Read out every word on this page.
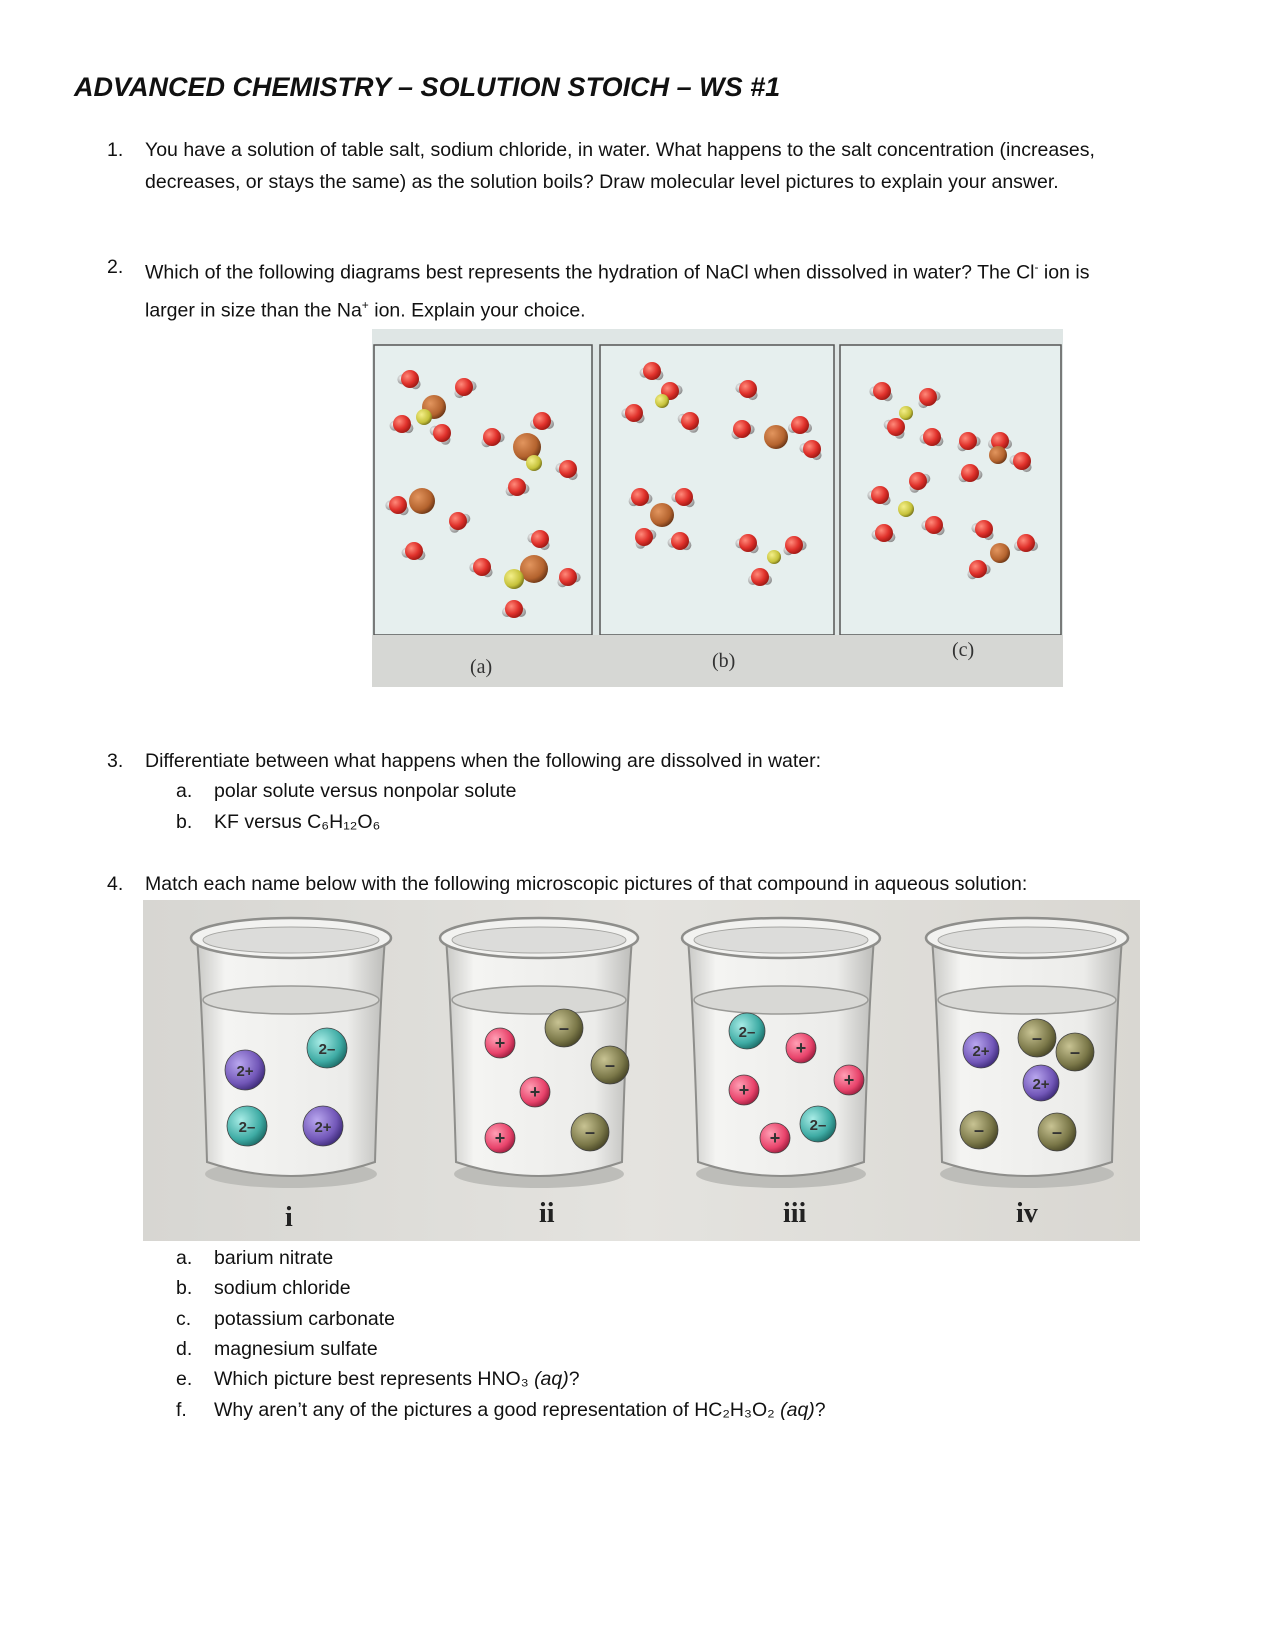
ADVANCED CHEMISTRY – SOLUTION STOICH – WS #1
1. You have a solution of table salt, sodium chloride, in water. What happens to the salt concentration (increases,
decreases, or stays the same) as the solution boils? Draw molecular level pictures to explain your answer.
2. Which of the following diagrams best represents the hydration of NaCl when dissolved in water? The Cl- ion is
larger in size than the Na+ ion. Explain your choice.
(a)	(b)	(c)
3. Differentiate between what happens when the following are dissolved in water:
a. polar solute versus nonpolar solute
b. KF versus C₆H₁₂O₆
4. Match each name below with the following microscopic pictures of that compound in aqueous solution:
2+
2–
2–	2+
+
–
+
–
+	–
2–
+
+	+
+
2–
2+
–
–
2+
–	–
i	ii	iii	iv
a. barium nitrate
b. sodium chloride
c. potassium carbonate
d. magnesium sulfate
e. Which picture best represents HNO₃ (aq)?
f. Why aren’t any of the pictures a good representation of HC₂H₃O₂ (aq)?
